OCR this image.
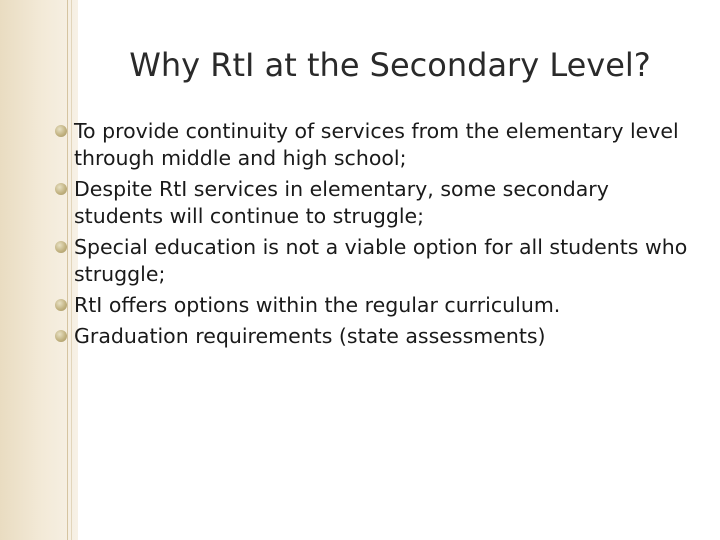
Why RtI at the Secondary Level?
To provide continuity of services from the elementary level through middle and high school;
Despite RtI services in elementary, some secondary students will continue to struggle;
Special education is not a viable option for all students who struggle;
RtI offers options within the regular curriculum.
Graduation requirements (state assessments)
